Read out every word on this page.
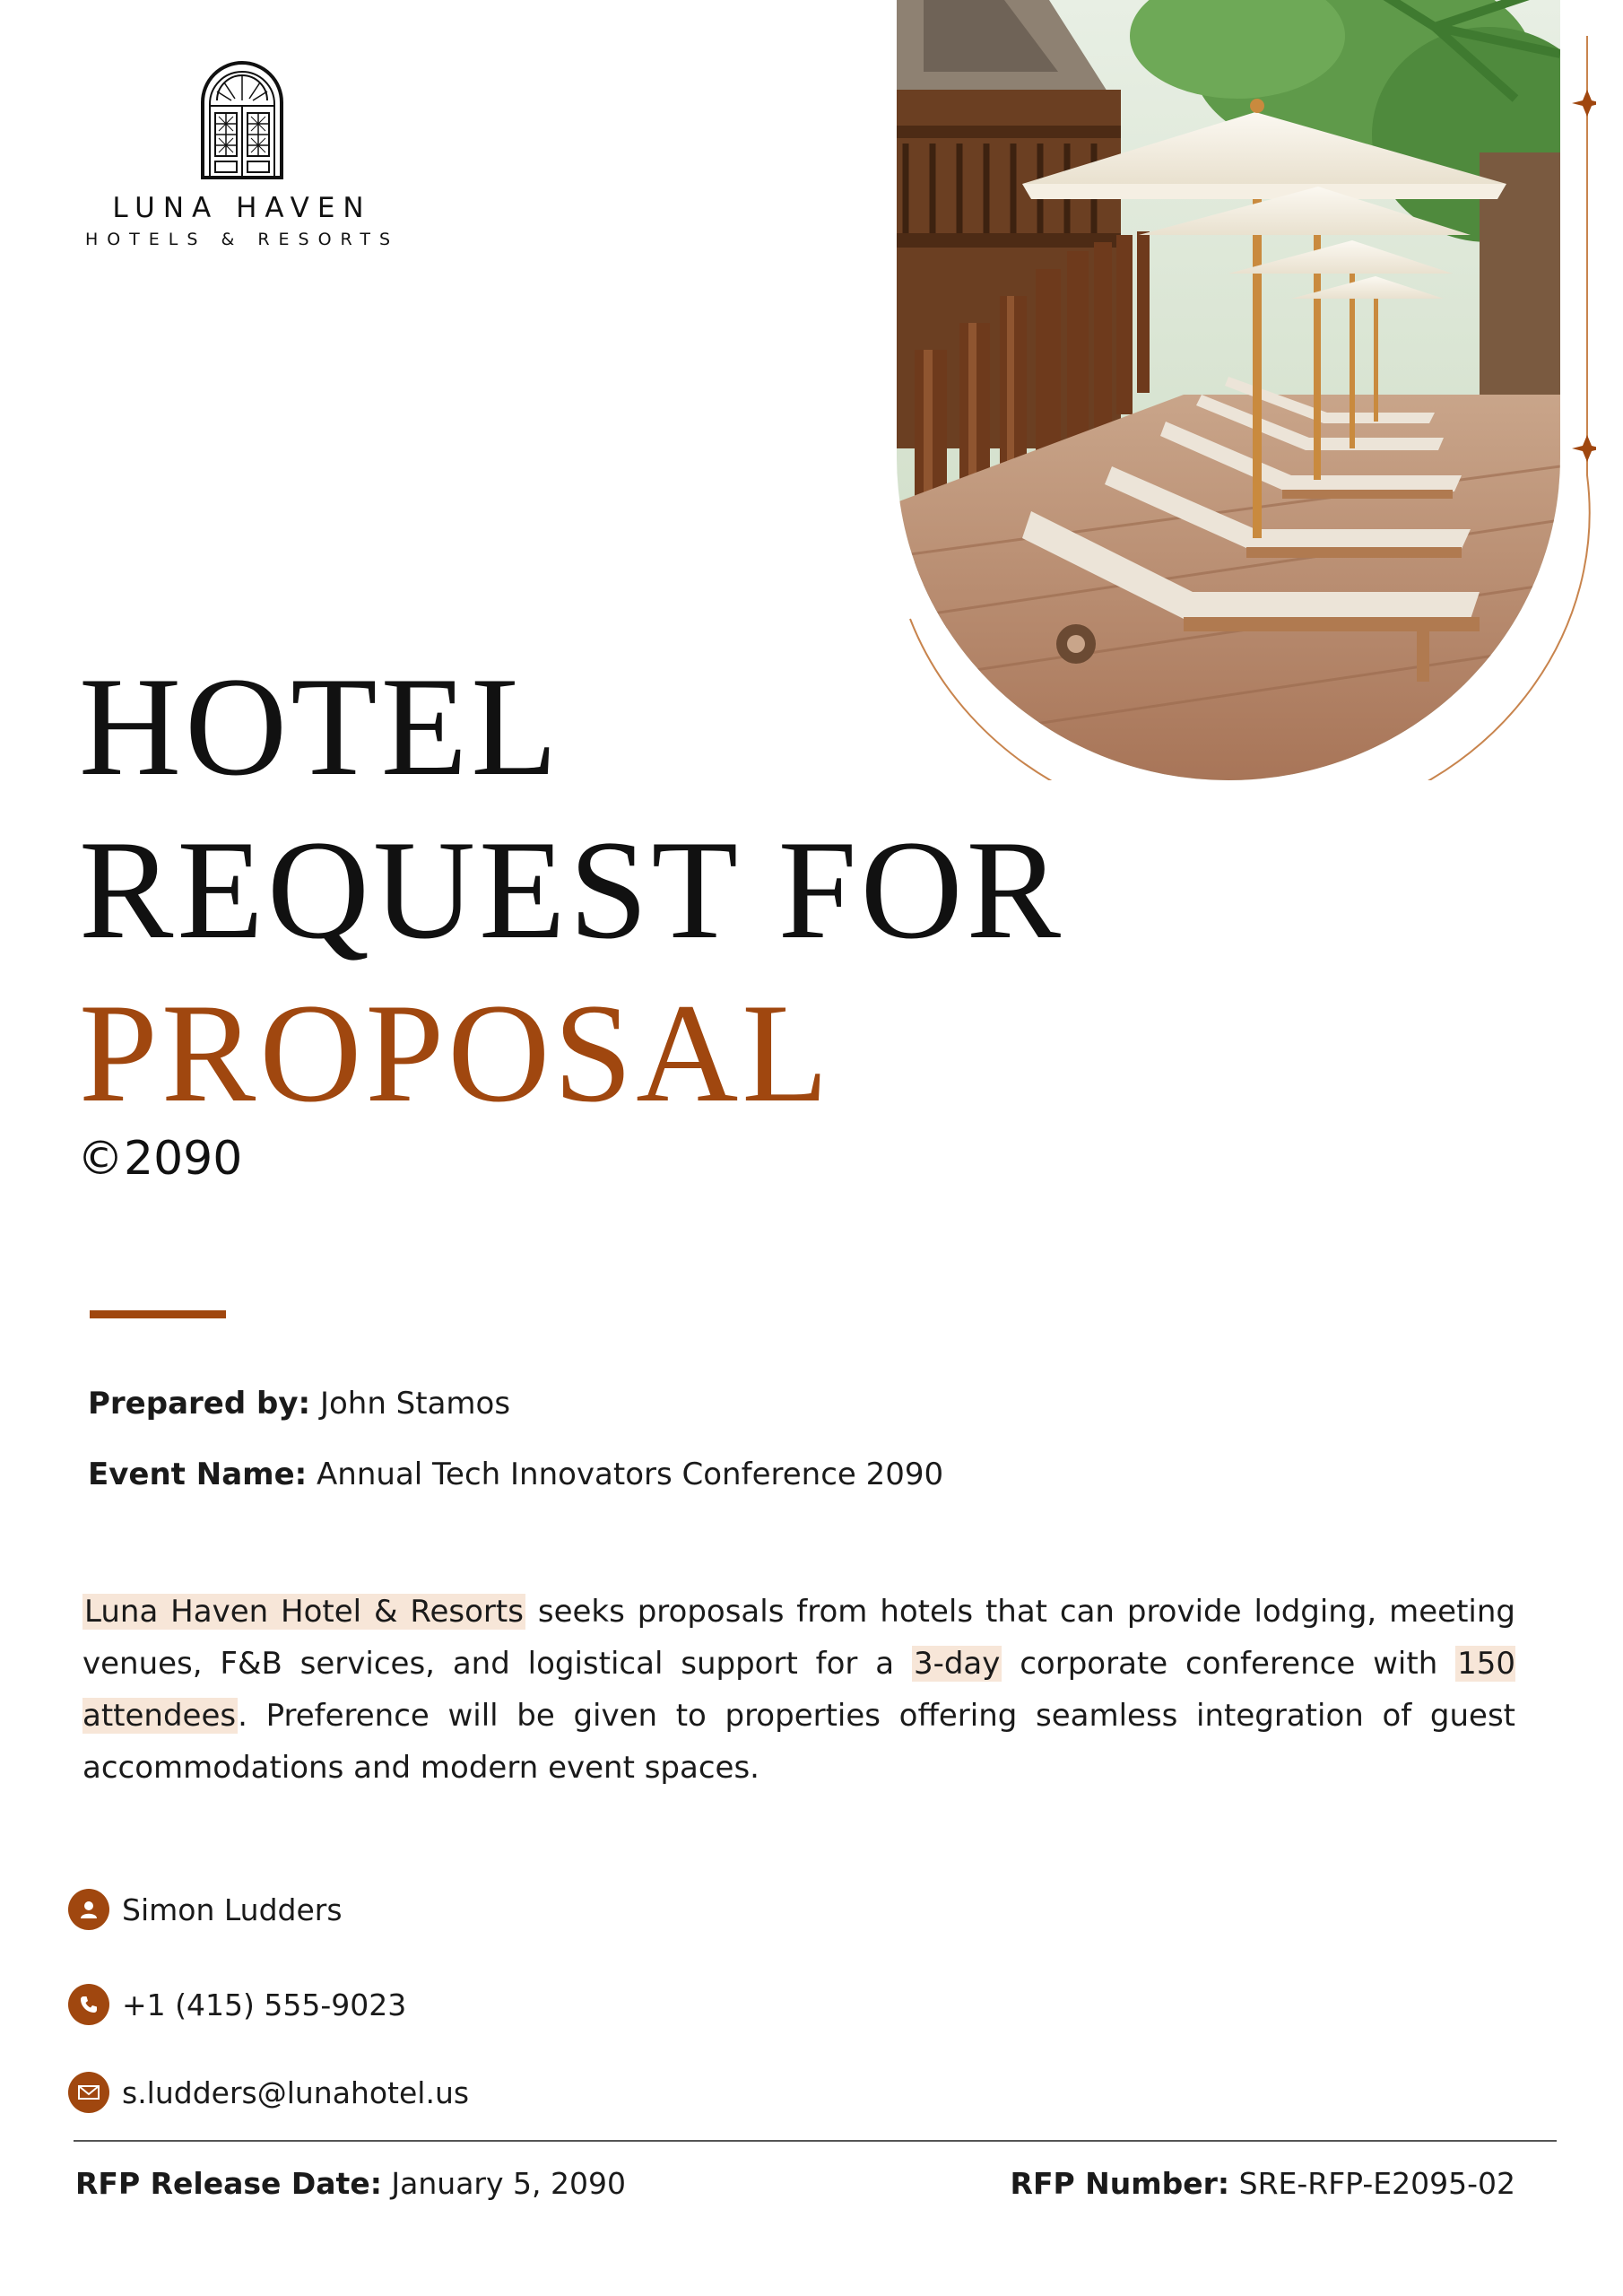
LUNA HAVEN
HOTELS & RESORTS
HOTEL
REQUEST FOR
PROPOSAL
©2090
Prepared by: John Stamos
Event Name: Annual Tech Innovators Conference 2090
Luna Haven Hotel & Resorts seeks proposals from hotels that can provide lodging, meeting venues, F&B services, and logistical support for a 3-day corporate conference with 150 attendees. Preference will be given to properties offering seamless integration of guest accommodations and modern event spaces.
Simon Ludders
+1 (415) 555-9023
s.ludders@lunahotel.us
RFP Release Date: January 5, 2090	RFP Number: SRE-RFP-E2095-02
